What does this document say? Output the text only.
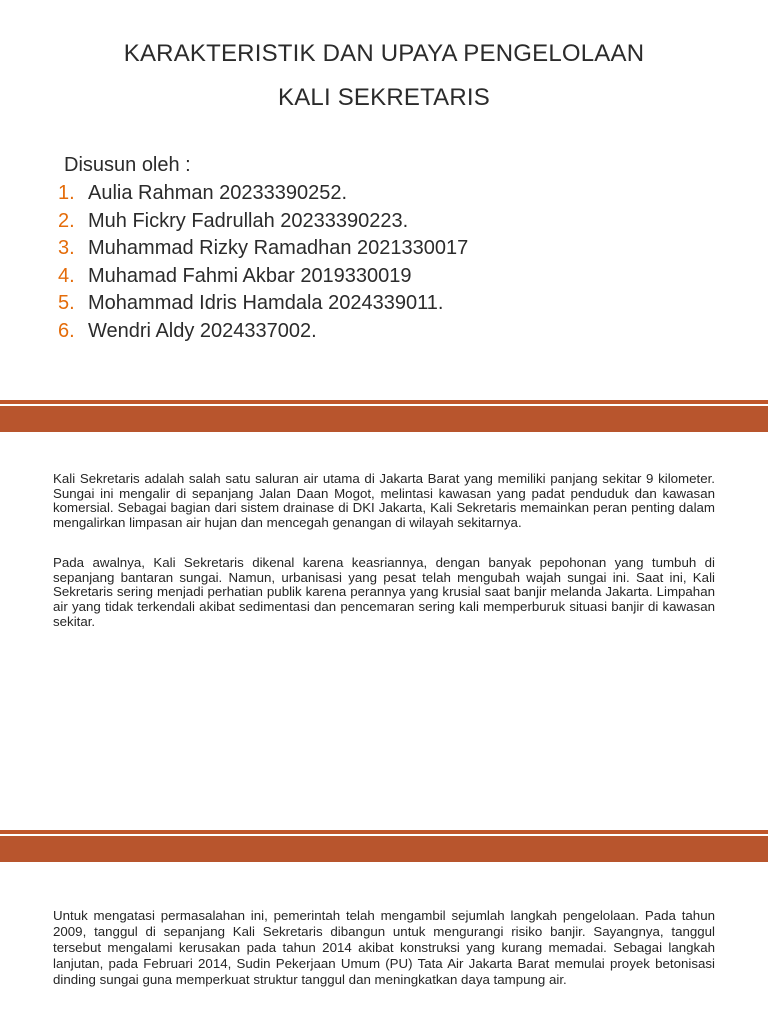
KARAKTERISTIK DAN UPAYA PENGELOLAAN
KALI SEKRETARIS
Disusun oleh :
1. Aulia Rahman 20233390252.
2. Muh Fickry Fadrullah 20233390223.
3. Muhammad Rizky Ramadhan 2021330017
4. Muhamad Fahmi Akbar 2019330019
5. Mohammad Idris Hamdala 2024339011.
6. Wendri Aldy 2024337002.

Kali Sekretaris adalah salah satu saluran air utama di Jakarta Barat yang memiliki panjang sekitar 9 kilometer. Sungai ini mengalir di sepanjang Jalan Daan Mogot, melintasi kawasan yang padat penduduk dan kawasan komersial. Sebagai bagian dari sistem drainase di DKI Jakarta, Kali Sekretaris memainkan peran penting dalam mengalirkan limpasan air hujan dan mencegah genangan di wilayah sekitarnya.

Pada awalnya, Kali Sekretaris dikenal karena keasriannya, dengan banyak pepohonan yang tumbuh di sepanjang bantaran sungai. Namun, urbanisasi yang pesat telah mengubah wajah sungai ini. Saat ini, Kali Sekretaris sering menjadi perhatian publik karena perannya yang krusial saat banjir melanda Jakarta. Limpahan air yang tidak terkendali akibat sedimentasi dan pencemaran sering kali memperburuk situasi banjir di kawasan sekitar.

Untuk mengatasi permasalahan ini, pemerintah telah mengambil sejumlah langkah pengelolaan. Pada tahun 2009, tanggul di sepanjang Kali Sekretaris dibangun untuk mengurangi risiko banjir. Sayangnya, tanggul tersebut mengalami kerusakan pada tahun 2014 akibat konstruksi yang kurang memadai. Sebagai langkah lanjutan, pada Februari 2014, Sudin Pekerjaan Umum (PU) Tata Air Jakarta Barat memulai proyek betonisasi dinding sungai guna memperkuat struktur tanggul dan meningkatkan daya tampung air.
